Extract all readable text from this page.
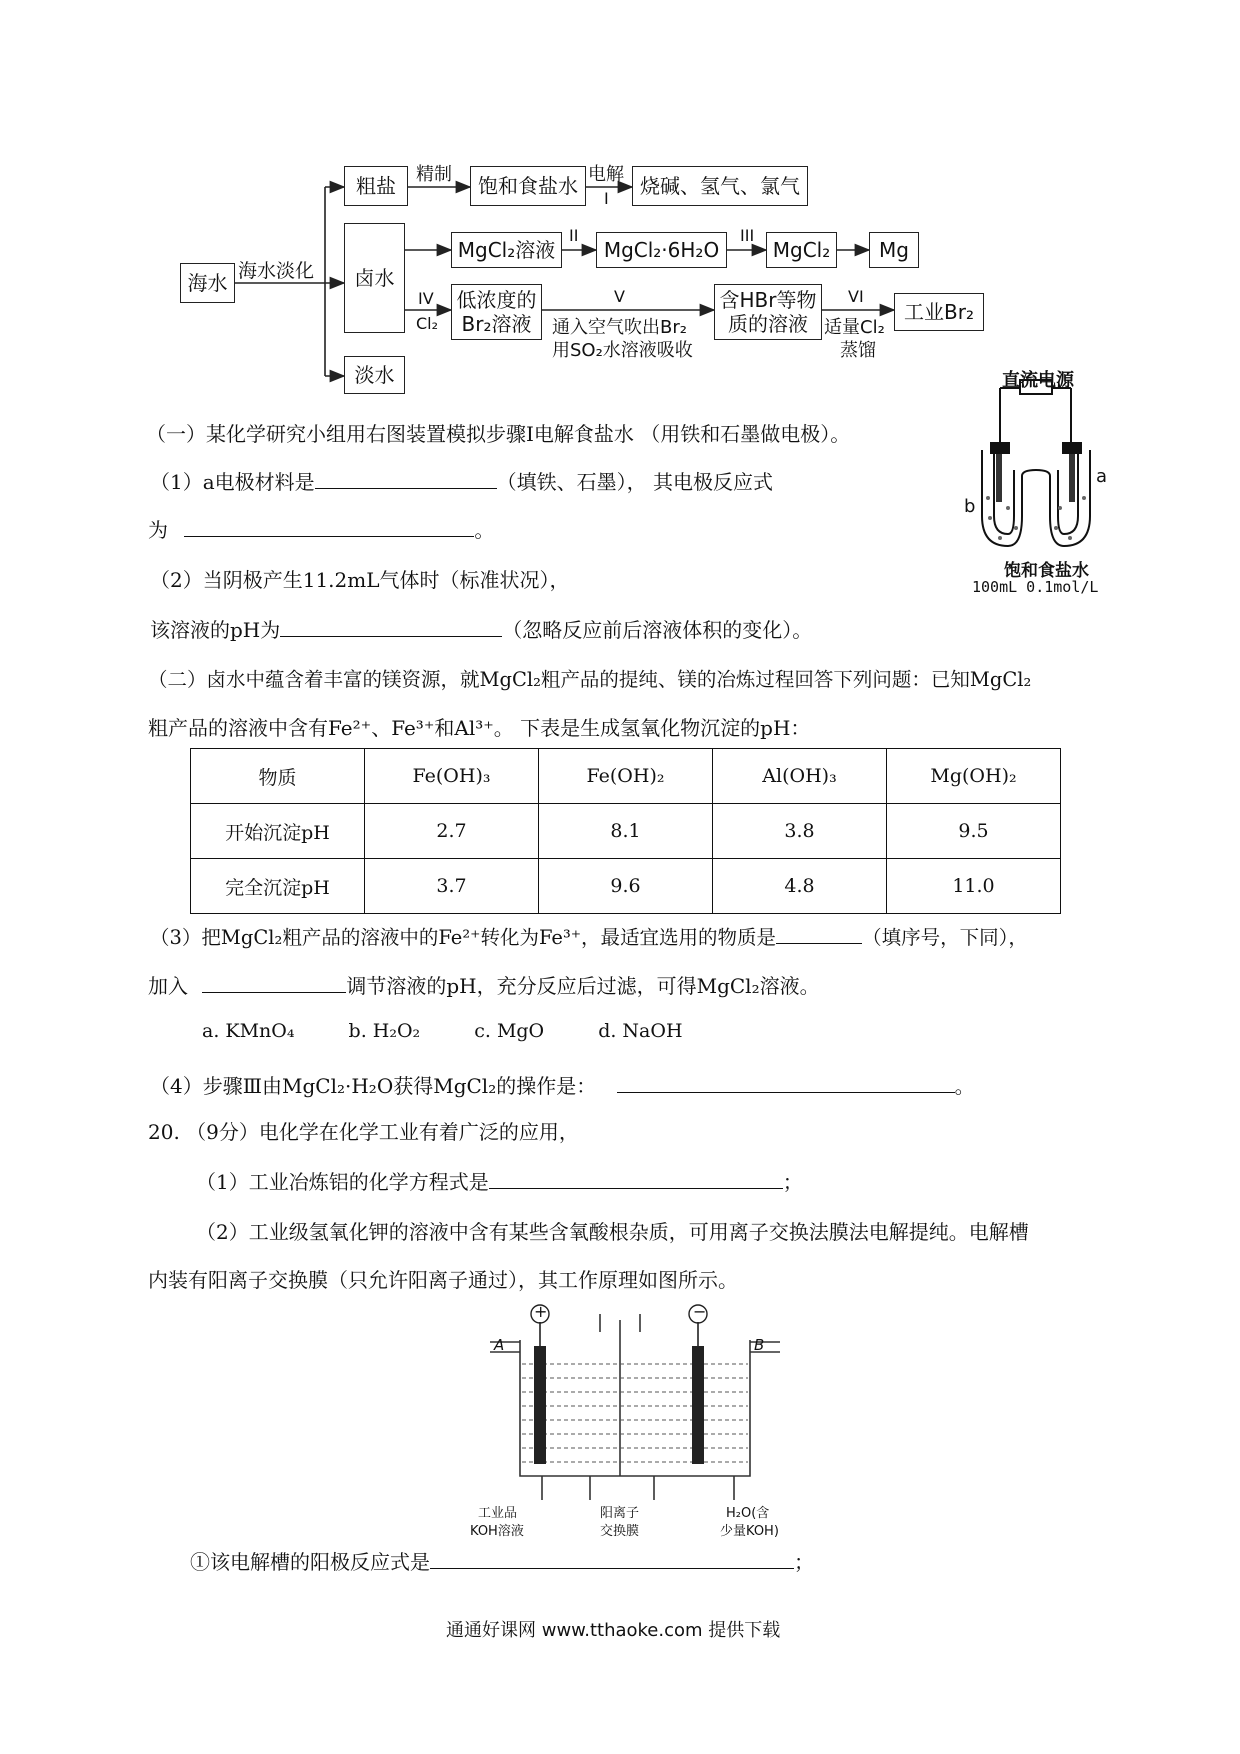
海水 海水淡化
粗盐	精制	饱和食盐水 电解
I
烧碱、氢气、氯气
卤水
MgCl₂溶液
II
MgCl₂·6H₂O
III
MgCl₂	Mg
IV
Cl₂
低浓度的Br₂溶液
V
通入空气吹出Br₂
用SO₂水溶液吸收
含HBr等物质的溶液
VI
适量Cl₂
蒸馏
工业Br₂
淡水	直流电源
a
b
饱和食盐水
100mL 0.1mol/L
（一）某化学研究小组用右图装置模拟步骤Ⅰ电解食盐水 （用铁和石墨做电极）。
（1）a电极材料是	（填铁、石墨）， 其电极反应式
为	。
（2）当阴极产生11.2mL气体时（标准状况），
该溶液的pH为	（忽略反应前后溶液体积的变化）。
（二）卤水中蕴含着丰富的镁资源，就MgCl₂粗产品的提纯、镁的冶炼过程回答下列问题：已知MgCl₂
粗产品的溶液中含有Fe²⁺、Fe³⁺和Al³⁺。 下表是生成氢氧化物沉淀的pH：
物质	Fe(OH)₃	Fe(OH)₂	Al(OH)₃	Mg(OH)₂
开始沉淀pH	2.7	8.1	3.8	9.5
完全沉淀pH	3.7	9.6	4.8	11.0
（3）把MgCl₂粗产品的溶液中的Fe²⁺转化为Fe³⁺，最适宜选用的物质是	（填序号，下同），
加入	调节溶液的pH，充分反应后过滤，可得MgCl₂溶液。
a. KMnO₄	b. H₂O₂	c. MgO	d. NaOH
（4）步骤Ⅲ由MgCl₂·H₂O获得MgCl₂的操作是：	。
20. （9分）电化学在化学工业有着广泛的应用，
（1）工业冶炼铝的化学方程式是	；
（2）工业级氢氧化钾的溶液中含有某些含氧酸根杂质，可用离子交换法膜法电解提纯。电解槽
内装有阳离子交换膜（只允许阳离子通过），其工作原理如图所示。
+	−
A	B
工业品
KOH溶液
阳离子
交换膜
H₂O(含
少量KOH)
①该电解槽的阳极反应式是	；
通通好课网 www.tthaoke.com 提供下载
